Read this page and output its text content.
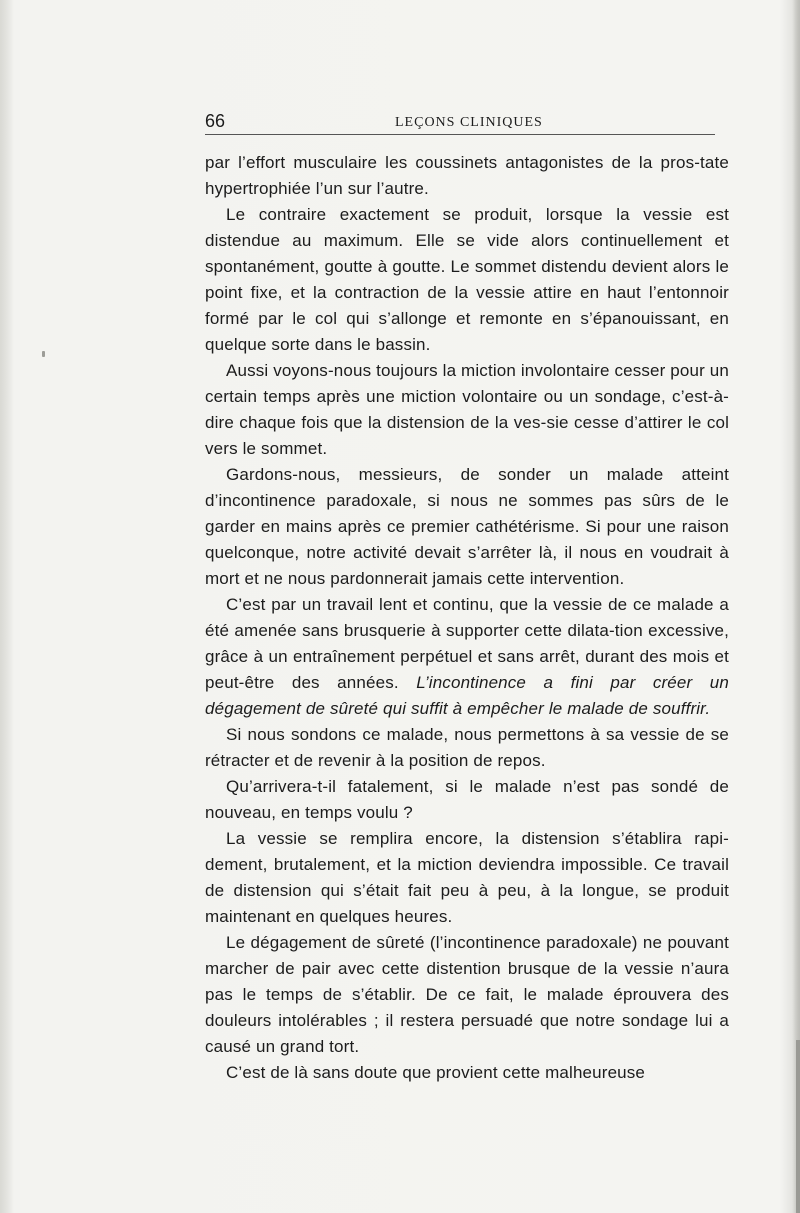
66	LEÇONS CLINIQUES

par l’effort musculaire les coussinets antagonistes de la pros-tate hypertrophiée l’un sur l’autre.

Le contraire exactement se produit, lorsque la vessie est distendue au maximum. Elle se vide alors continuellement et spontanément, goutte à goutte. Le sommet distendu devient alors le point fixe, et la contraction de la vessie attire en haut l’entonnoir formé par le col qui s’allonge et remonte en s’épanouissant, en quelque sorte dans le bassin.

Aussi voyons-nous toujours la miction involontaire cesser pour un certain temps après une miction volontaire ou un sondage, c’est-à-dire chaque fois que la distension de la ves-sie cesse d’attirer le col vers le sommet.

Gardons-nous, messieurs, de sonder un malade atteint d’incontinence paradoxale, si nous ne sommes pas sûrs de le garder en mains après ce premier cathétérisme. Si pour une raison quelconque, notre activité devait s’arrêter là, il nous en voudrait à mort et ne nous pardonnerait jamais cette intervention.

C’est par un travail lent et continu, que la vessie de ce malade a été amenée sans brusquerie à supporter cette dilata-tion excessive, grâce à un entraînement perpétuel et sans arrêt, durant des mois et peut-être des années. L’incontinence a fini par créer un dégagement de sûreté qui suffit à empêcher le malade de souffrir.

Si nous sondons ce malade, nous permettons à sa vessie de se rétracter et de revenir à la position de repos.

Qu’arrivera-t-il fatalement, si le malade n’est pas sondé de nouveau, en temps voulu ?

La vessie se remplira encore, la distension s’établira rapi-dement, brutalement, et la miction deviendra impossible. Ce travail de distension qui s’était fait peu à peu, à la longue, se produit maintenant en quelques heures.

Le dégagement de sûreté (l’incontinence paradoxale) ne pouvant marcher de pair avec cette distention brusque de la vessie n’aura pas le temps de s’établir. De ce fait, le malade éprouvera des douleurs intolérables ; il restera persuadé que notre sondage lui a causé un grand tort.

C’est de là sans doute que provient cette malheureuse
